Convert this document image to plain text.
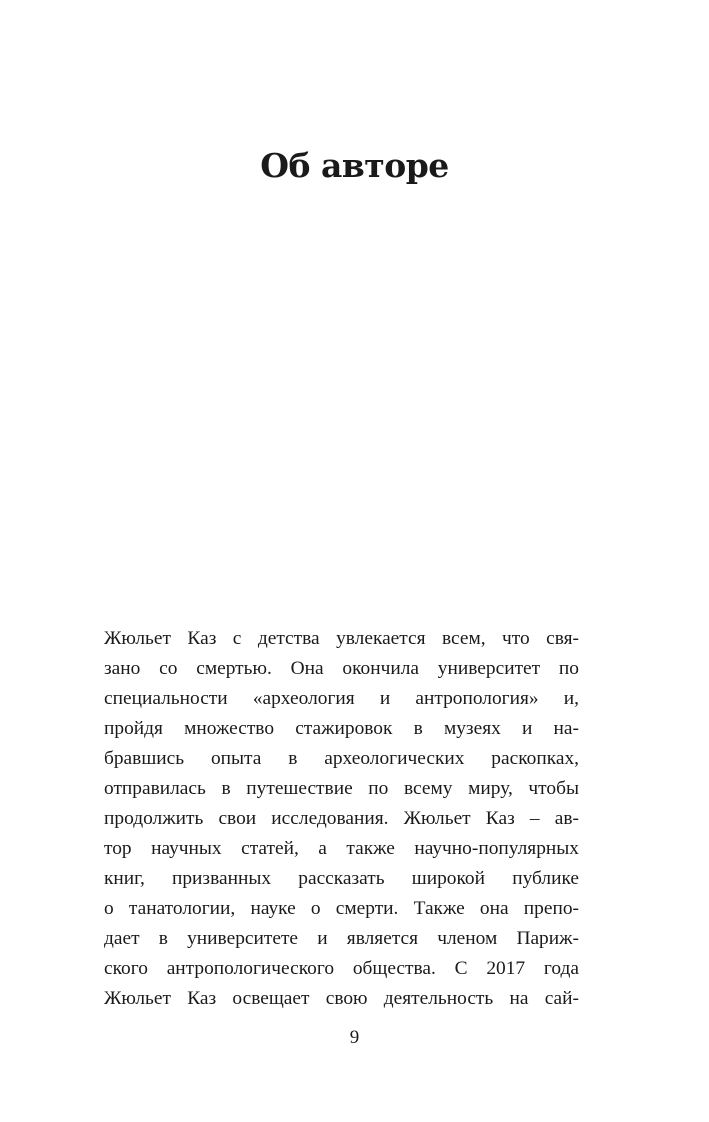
Об авторе
Жюльет Каз с детства увлекается всем, что свя-
зано со смертью. Она окончила университет по
специальности «археология и антропология» и,
пройдя множество стажировок в музеях и на-
бравшись опыта в археологических раскопках,
отправилась в путешествие по всему миру, чтобы
продолжить свои исследования. Жюльет Каз – ав-
тор научных статей, а также научно-популярных
книг, призванных рассказать широкой публике
о танатологии, науке о смерти. Также она препо-
дает в университете и является членом Париж-
ского антропологического общества. С 2017 года
Жюльет Каз освещает свою деятельность на сай-
9
